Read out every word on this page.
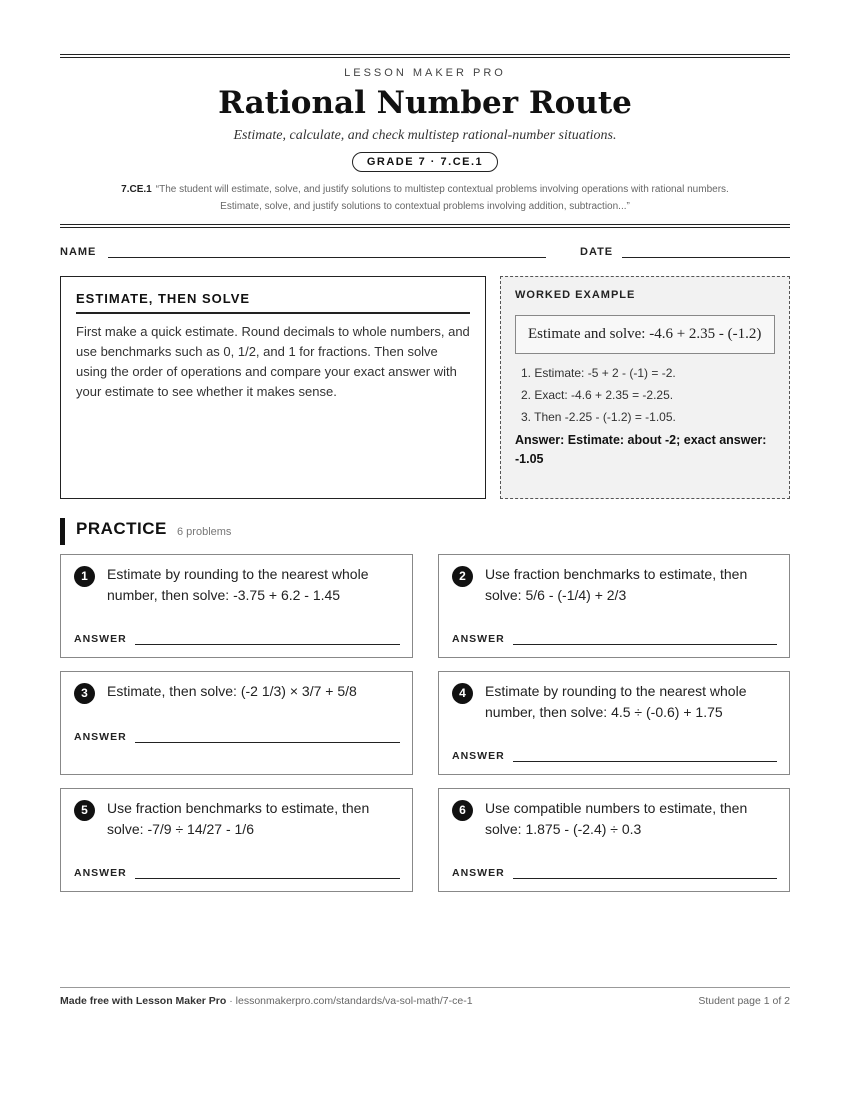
LESSON MAKER PRO
Rational Number Route
Estimate, calculate, and check multistep rational-number situations.
GRADE 7 · 7.CE.1
7.CE.1 “The student will estimate, solve, and justify solutions to multistep contextual problems involving operations with rational numbers.
Estimate, solve, and justify solutions to contextual problems involving addition, subtraction...”
NAME	DATE
ESTIMATE, THEN SOLVE

First make a quick estimate. Round decimals to whole numbers, and use benchmarks such as 0, 1/2, and 1 for fractions. Then solve using the order of operations and compare your exact answer with your estimate to see whether it makes sense.

WORKED EXAMPLE
Estimate and solve: -4.6 + 2.35 - (-1.2)
1. Estimate: -5 + 2 - (-1) = -2.
2. Exact: -4.6 + 2.35 = -2.25.
3. Then -2.25 - (-1.2) = -1.05.
Answer: Estimate: about -2; exact answer: -1.05
PRACTICE 6 problems
1	Estimate by rounding to the nearest whole number, then solve: -3.75 + 6.2 - 1.45
ANSWER
2	Use fraction benchmarks to estimate, then solve: 5/6 - (-1/4) + 2/3
ANSWER
3	Estimate, then solve: (-2 1/3) × 3/7 + 5/8
ANSWER
4	Estimate by rounding to the nearest whole number, then solve: 4.5 ÷ (-0.6) + 1.75
ANSWER
5	Use fraction benchmarks to estimate, then solve: -7/9 ÷ 14/27 - 1/6
ANSWER
6	Use compatible numbers to estimate, then solve: 1.875 - (-2.4) ÷ 0.3
ANSWER
Made free with Lesson Maker Pro · lessonmakerpro.com/standards/va-sol-math/7-ce-1	Student page 1 of 2
